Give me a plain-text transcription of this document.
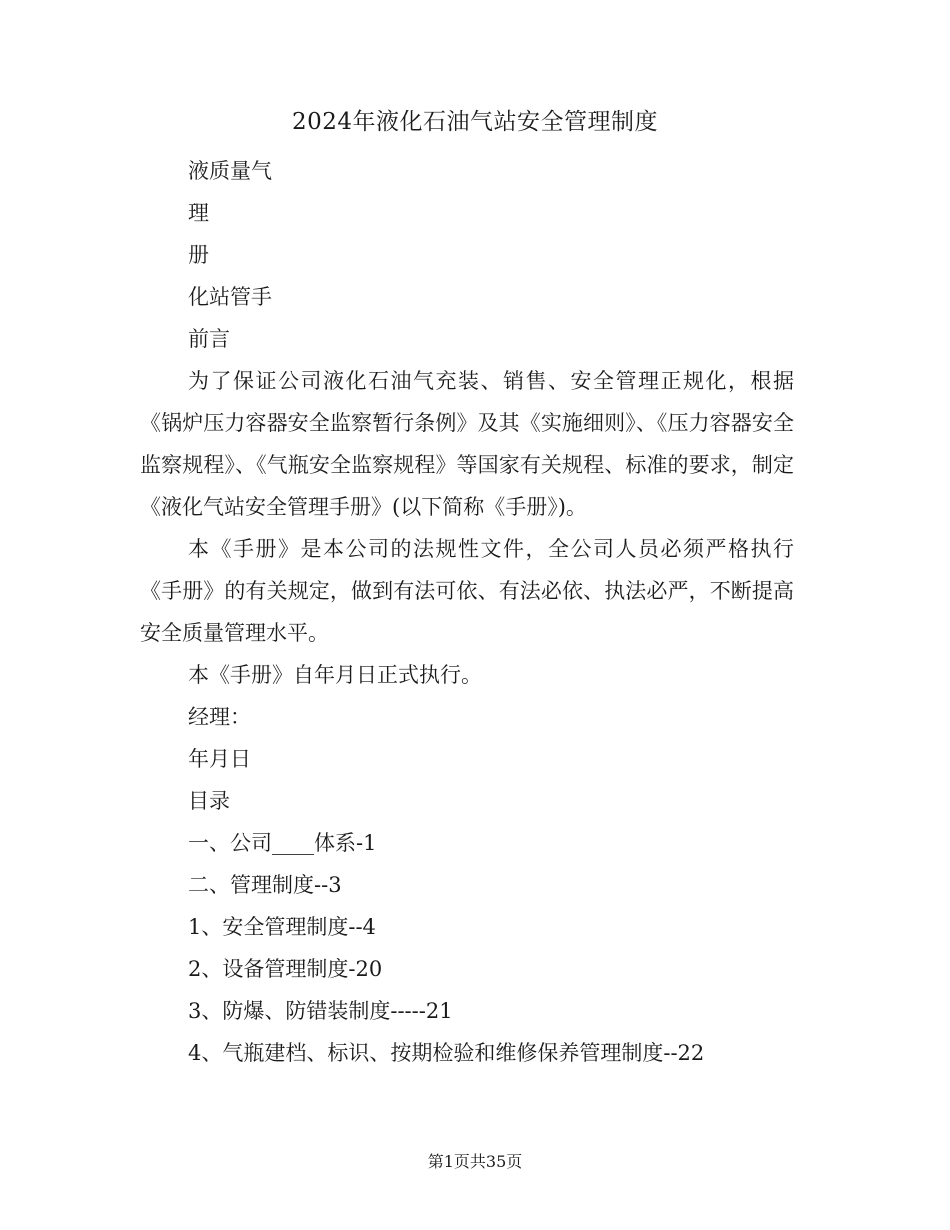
2024年液化石油气站安全管理制度

液质量气

理

册

化站管手

前言

为了保证公司液化石油气充装、销售、安全管理正规化，根据《锅炉压力容器安全监察暂行条例》及其《实施细则》、《压力容器安全监察规程》、《气瓶安全监察规程》等国家有关规程、标准的要求，制定《液化气站安全管理手册》(以下简称《手册》)。

本《手册》是本公司的法规性文件，全公司人员必须严格执行《手册》的有关规定，做到有法可依、有法必依、执法必严，不断提高安全质量管理水平。

本《手册》自年月日正式执行。

经理：

年月日

目录

一、公司____体系-1

二、管理制度--3

1、安全管理制度--4

2、设备管理制度-20

3、防爆、防错装制度-----21

4、气瓶建档、标识、按期检验和维修保养管理制度--22

第1页共35页
